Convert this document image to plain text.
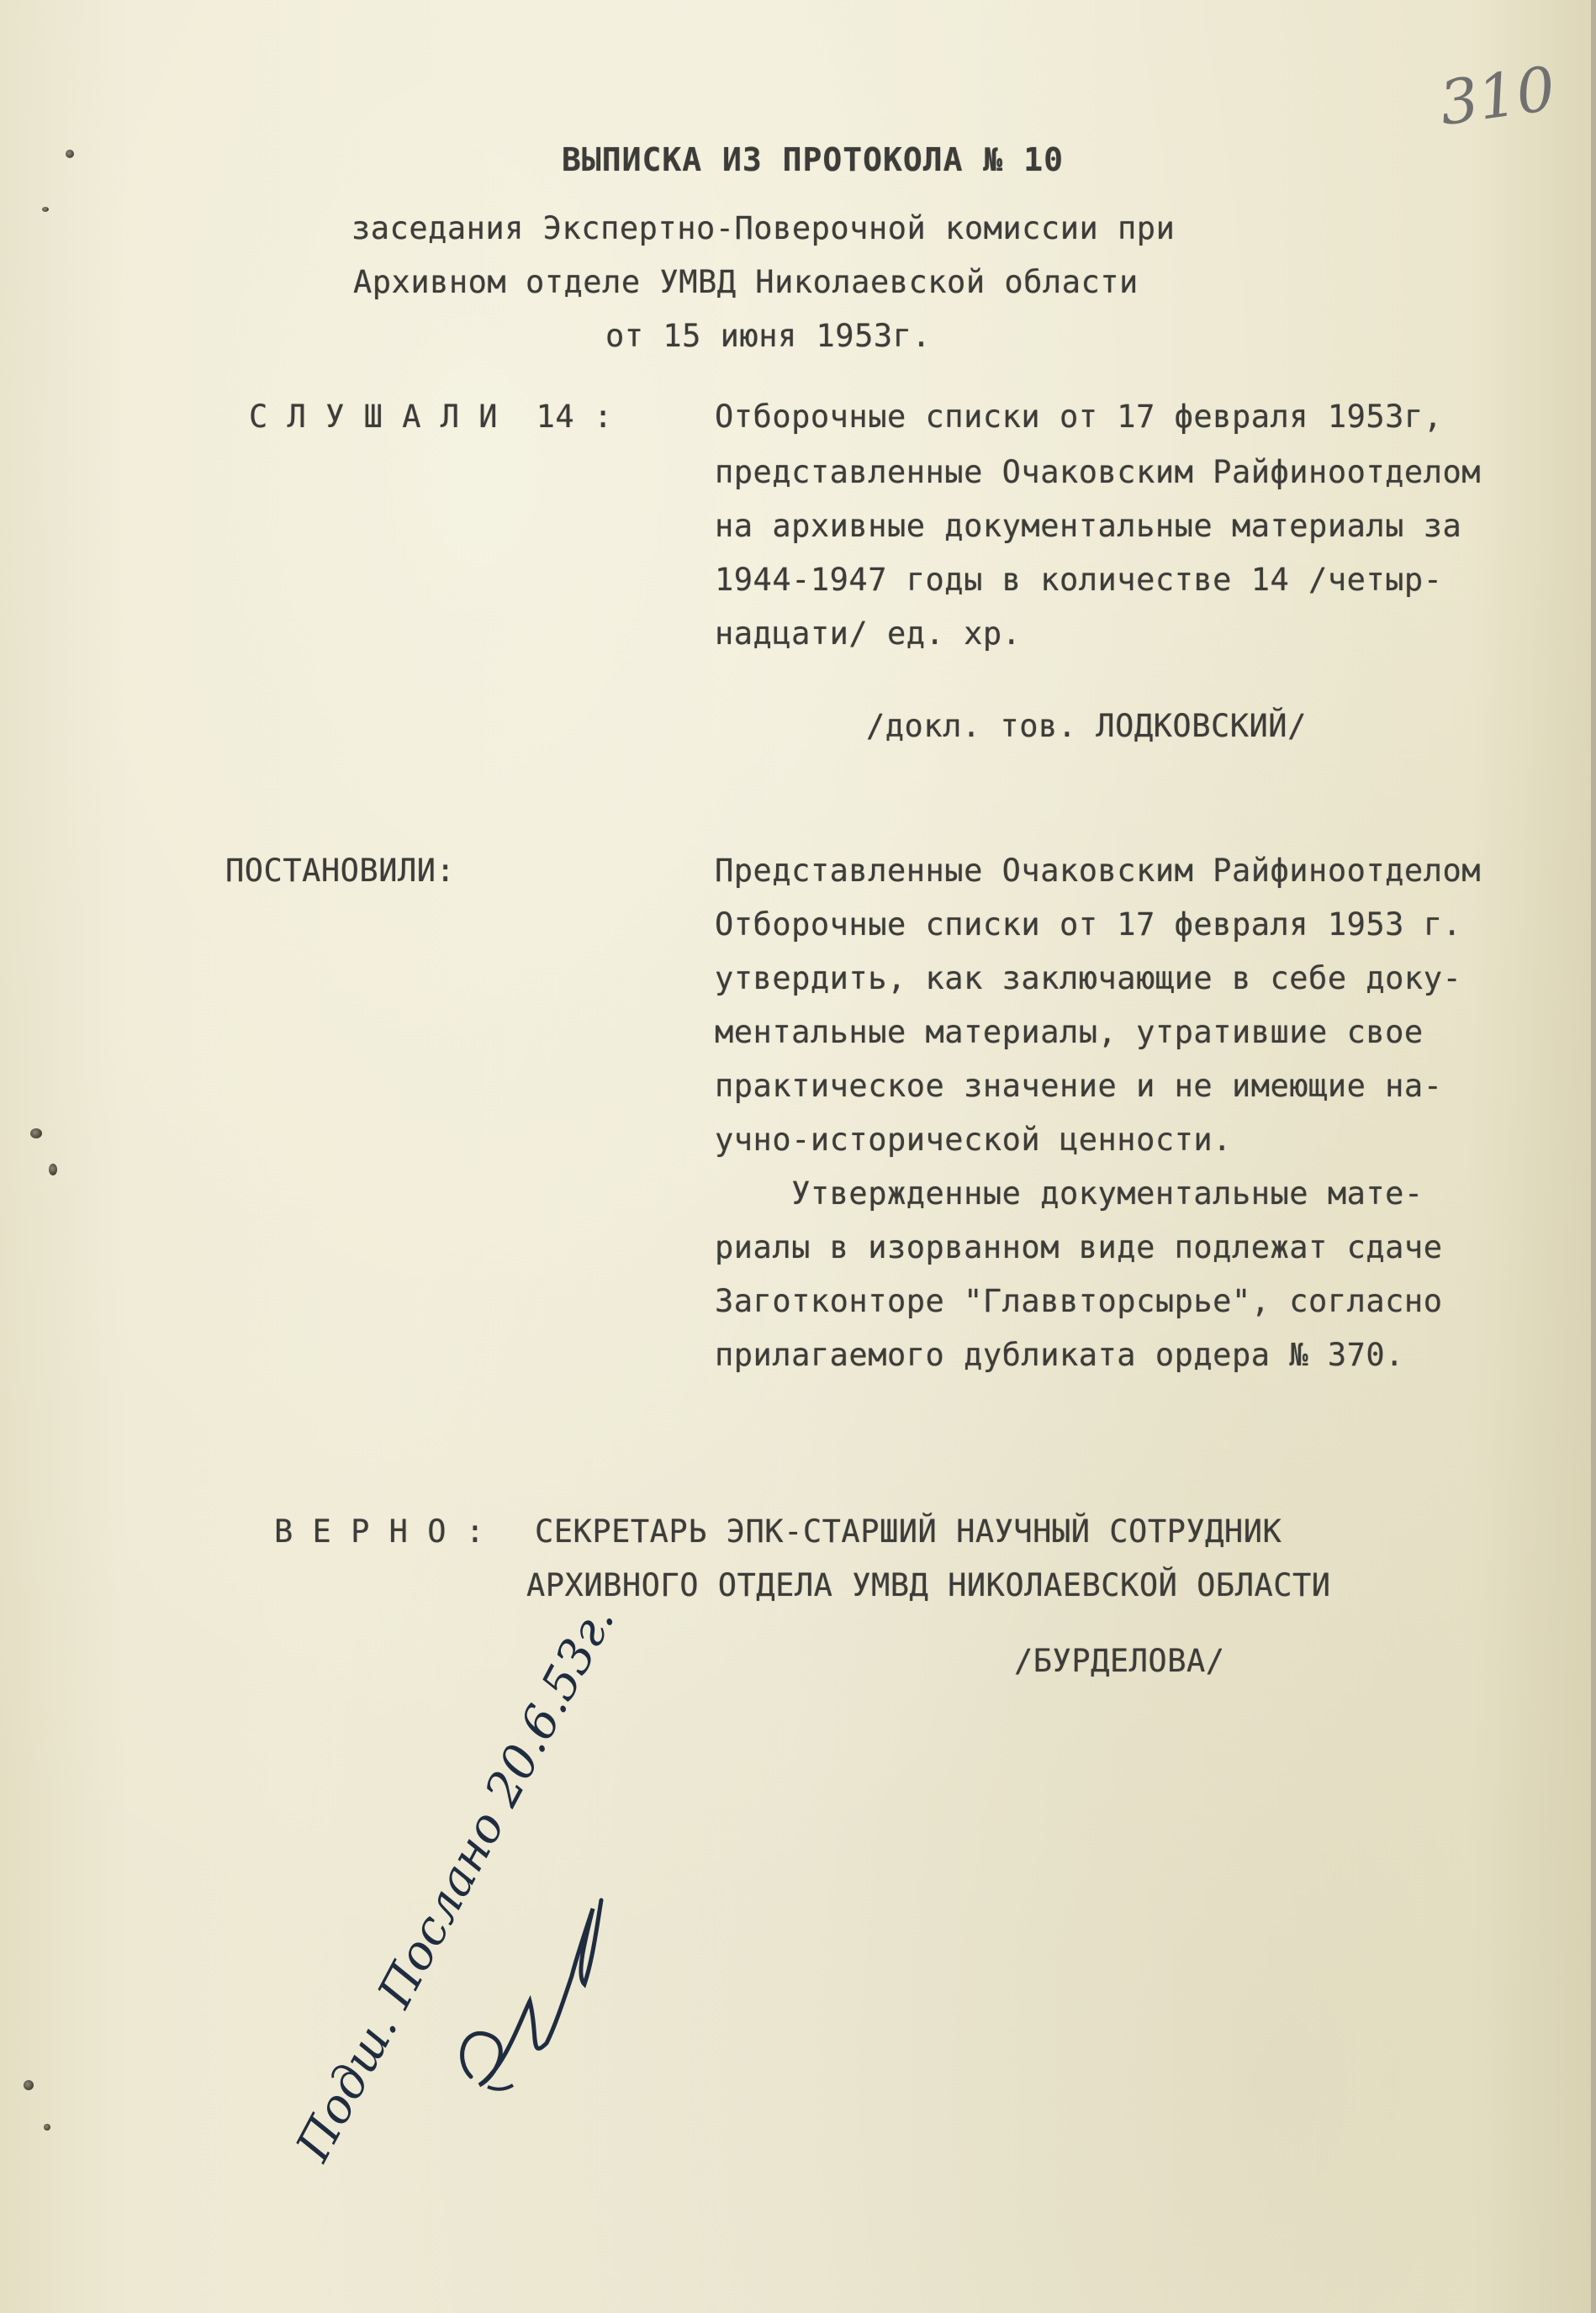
310
ВЫПИСКА ИЗ ПРОТОКОЛА № 10
заседания Экспертно-Поверочной комиссии при
Архивном отделе УМВД Николаевской области
от 15 июня 1953г.
С Л У Ш А Л И  14 :	Отборочные списки от 17 февраля 1953г,
представленные Очаковским Райфиноотделом
на архивные документальные материалы за
1944-1947 годы в количестве 14 /четыр-
надцати/ ед. хр.
/докл. тов. ЛОДКОВСКИЙ/
ПОСТАНОВИЛИ:	Представленные Очаковским Райфиноотделом
Отборочные списки от 17 февраля 1953 г.
утвердить, как заключающие в себе доку-
ментальные материалы, утратившие свое
практическое значение и не имеющие на-
учно-исторической ценности.
Утвержденные документальные мате-
риалы в изорванном виде подлежат сдаче
Заготконторе "Главвторсырье", согласно
прилагаемого дубликата ордера № 370.
В Е Р Н О : СЕКРЕТАРЬ ЭПК-СТАРШИЙ НАУЧНЫЙ СОТРУДНИК
АРХИВНОГО ОТДЕЛА УМВД НИКОЛАЕВСКОЙ ОБЛАСТИ
/БУРДЕЛОВА/
Подш. Послано 20.6.53г.
